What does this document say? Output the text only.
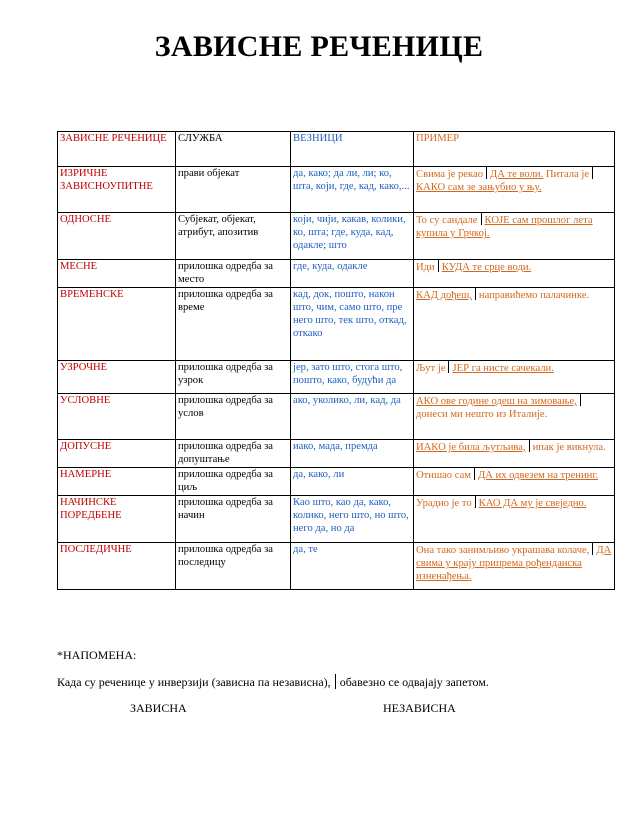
ЗАВИСНЕ РЕЧЕНИЦЕ
ЗАВИСНЕ РЕЧЕНИЦЕ	СЛУЖБА	ВЕЗНИЦИ	ПРИМЕР
ИЗРИЧНЕ ЗАВИСНОУПИТНЕ	прави објекат	да, како; да ли, ли; ко, шта, који, где, кад, како,...	Свима је рекао ДА те воли. Питала јеКАКО сам зе зањубио у њу.
ОДНОСНЕ	Субјекат, објекат, атрибут, апозитив	који, чији, какав, колики, ко, шта; где, куда, кад, одакле; што	То су сандале КОЈЕ сам прошлог лета купила у Грчкој.
МЕСНЕ	прилошка одредба за место	где, куда, одакле	Иди КУДА те срце води.
ВРЕМЕНСКЕ	прилошка одредба за време	кад, док, пошто, након што, чим, само што, пре него што, тек што, откад, откако	КАД дођеш, направићемо палачинке.
УЗРОЧНЕ	прилошка одредба за узрок	јер, зато што, стога што, пошто, како, будући да	Љут је ЈЕР га нисте сачекали.
УСЛОВНЕ	прилошка одредба за услов	ако, уколико, ли, кад, да	АКО ове године одеш на зимовање,донеси ми нешто из Италије.
ДОПУСНЕ	прилошка одредба за допуштање	иако, мада, премда	ИАКО је била љутљива, ипак је викнула.
НАМЕРНЕ	прилошка одредба за циљ	да, како, ли	Отишао сам ДА их одвезем на тренинг.
НАЧИНСКЕ ПОРЕДБЕНЕ	прилошка одредба за начин	Као што, као да, како, колико, него што, но што, него да, но да	Урадио је то КАО ДА му је свеједно.
ПОСЛЕДИЧНЕ	прилошка одредба за последицу	да, те	Она тако занимљиво украшава колаче, ДА свима у крају припрема рођенданска изненађења.
*НАПОМЕНА:
Када су реченице у инверзији (зависна па независна), обавезно се одвајају запетом.
ЗАВИСНА	НЕЗАВИСНА
